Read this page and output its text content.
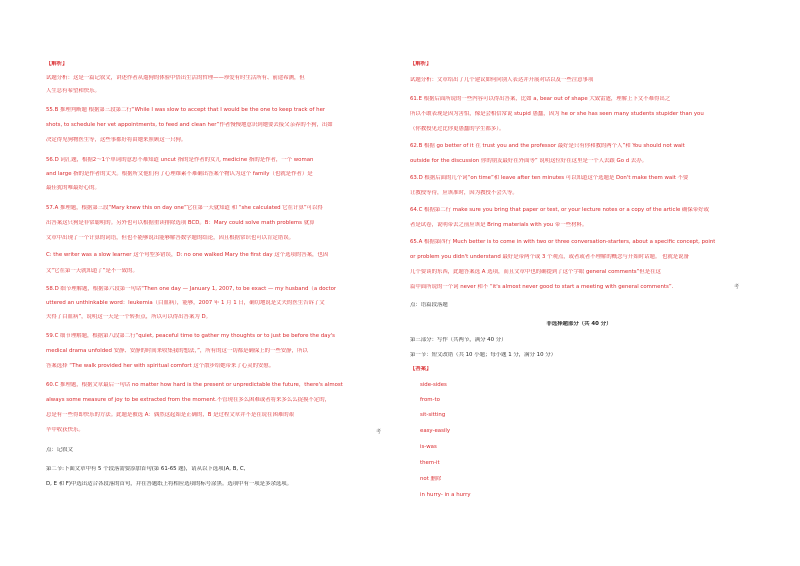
【解析】
试题分析：这是一篇记叙文，讲述作者从遛狗的体验中悟出生活的哲理——珍爱有时生活所有、前途希测，但
人生总有希望和快乐。
55.B 推理判断题 根据第三段第二行“While I was slow to accept that I would be the one to keep track of her
shots, to schedule her vet appointments, to feed and clean her”作者慢慢地意识到她要去接父亲养的不狗，出如
决定得见狗物医生等，这些事都好将由她来照顾这一只狗。
56.D 词汇题，根据2～1个单词的意思不难知道 uncut 指的是作者的女儿 medicine 指的是作者，一个 woman
and large 指的是作者的丈夫。根据所文他们有了心理维素不难确出答案个物认为这个 family（也就是作者）是
最佳犹的唯最好心的。
57.A 推理题，根据第三段“Mary knew this on day one”它在第一天就知道 和 “she calculated 它在计算”可以得
出答案这只狗是非常聪明的。另外也可以根据重读排除选项 BCD。B：Mary could solve math problems 就算
文章中出现了一个计算的词语，但也不能够说出能够解答数学题的结论，因且根据常识也可以肯定错误。
C: the writer was a slow learner 这个句型多错误，D: no one walked Mary the first day 这个选项的答案，也因
文“它在第一天就知道了”是不一致的。
58.D 细节理解题，根据第六段第一句话“Then one day — January 1, 2007, to be exact — my husband（a doctor
uttered an unthinkable word：leukemia（白血病），能够，2007 年 1 月 1 日，确切地说是丈夫的医生告诉了文
夫得了白血病”，说明这一天是一个转折点，所以可以得出答案为 D。
59.C 细节理解题，根据第八段第二行“quiet, peaceful time to gather my thoughts or to just be before the day's
medical drama unfolded 安静、安静的时间来收集我的想法，”，所有的这一切都是确保上的一些安静，所以
答案选择 “The walk provided her with spiritual comfort 这个散步给她带来了心灵的安慰。
60.C 推理题，根据文章最后一句话 no matter how hard is the present or unpredictable the future，there's almost
always some measure of joy to be extracted from the moment.不管现在多么困难或者将来多么么捉摸不定的，
总是有一些得即快乐的方法。此题是被选 A：偶然这起始是正确的，B 是过程文章并不是在说在困难的艰
辛中收获快乐。
点：记叙文
第二节:下面文章中有 5 个段落需要添加首句(第 61-65 题)，请从以下选项(A, B, C,
D, E 和 F)中选出适合各段落的首句，并在答题纸上将相应选项的标号涂黑。选项中有一项是多余选项。
考
【解析】
试题分析：文章给出了几个建议如何向别人表达并开展对话以及一些注意事项
61.E 根据后面所说的一些内容可以得出答案，比如 a, bear out of shape 大致雷霆，理解上下文不难得出之
所以不敢表现是因为害怕，像是会相信常说 stupid 愚蠢，因为 he or she has seen many students stupider than you
（你教授见过比你更愚蠢的学生都多）。
62.B 根据 go better of it 在 trust you and the professor 最好是只有你和教的两个人”和 You should not wait
outside for the discussion 你的朋友最好在外面等” 说明这位好在这里是一个人去跟 Go d 去办。
63.D 根据后面的几个词“on time”和 leave after ten minutes 可以知道这个选题是 Don't make them wait 不要
让教授等待，应该准时，因为教授不会久等。
64.C 根据第二行 make sure you bring that paper or test, or your lecture notes or a copy of the article 确保带好或
者是试卷，说明带去之前应该是 Bring materials with you 带一些材料。
65.A 根据第四行 Much better is to come in with two or three conversation-starters, about a specific concept, point
or problem you didn't understand 最好是带两个或 3 个观点，或者或者不理解的概念与开始时话题。 也就是说备
几个要谈的东西，此题答案选 A 选项，而且文章中也的确提到了这个字眼 general comments”但是在这
篇中面所说的一个词 never 和不 “it's almost never good to start a meeting with general comments”.
点：语篇段落题
非选择题部分（共 40 分）
第三部分：写作（共两节，满分 40 分）
第一节：短文改错（共 10 小题；每小题 1 分，满分 10 分）
【答案】
side-sides
from-to
sit-sitting
easy-easily
is-was
them-it
not 删除
in hurry- in a hurry
考
